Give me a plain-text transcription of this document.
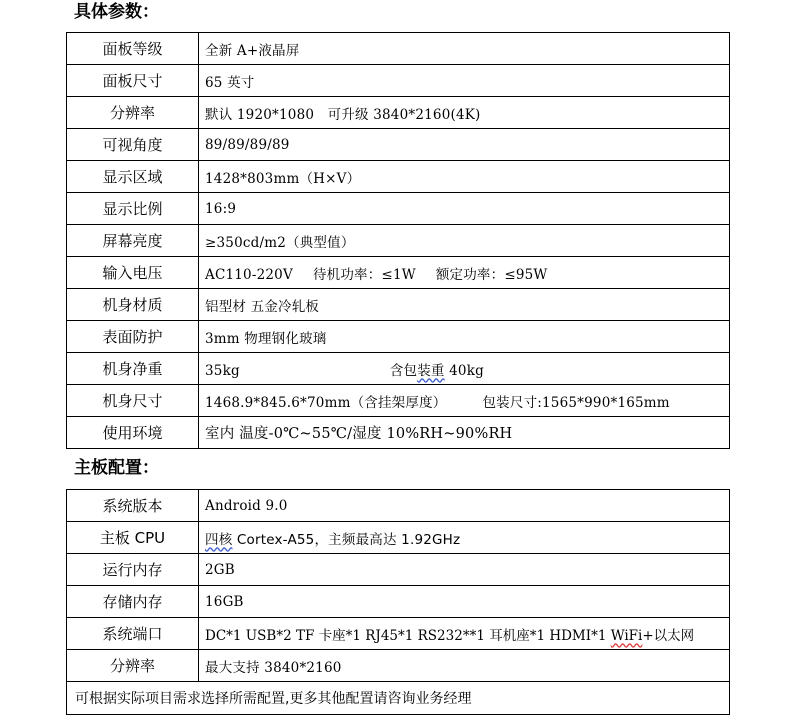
具体参数：
面板等级	全新 A+液晶屏
面板尺寸	65 英寸
分辨率	默认 1920*1080   可升级 3840*2160(4K)
可视角度	89/89/89/89
显示区域	1428*803mm（H×V）
显示比例	16:9
屏幕亮度	≥350cd/m2（典型值）
输入电压	AC110-220V 待机功率：≤1W 额定功率：≤95W
机身材质	铝型材 五金冷轧板
表面防护	3mm 物理钢化玻璃
机身净重	35kg 含包装重 40kg
机身尺寸	1468.9*845.6*70mm（含挂架厚度） 包装尺寸:1565*990*165mm
使用环境	室内 温度-0℃~55℃/湿度 10%RH~90%RH
主板配置：
系统版本	Android 9.0
主板 CPU	四核 Cortex-A55，主频最高达 1.92GHz
运行内存	2GB
存储内存	16GB
系统端口	DC*1 USB*2 TF 卡座*1 RJ45*1 RS232**1 耳机座*1 HDMI*1 WiFi+以太网
分辨率	最大支持 3840*2160
可根据实际项目需求选择所需配置,更多其他配置请咨询业务经理	
